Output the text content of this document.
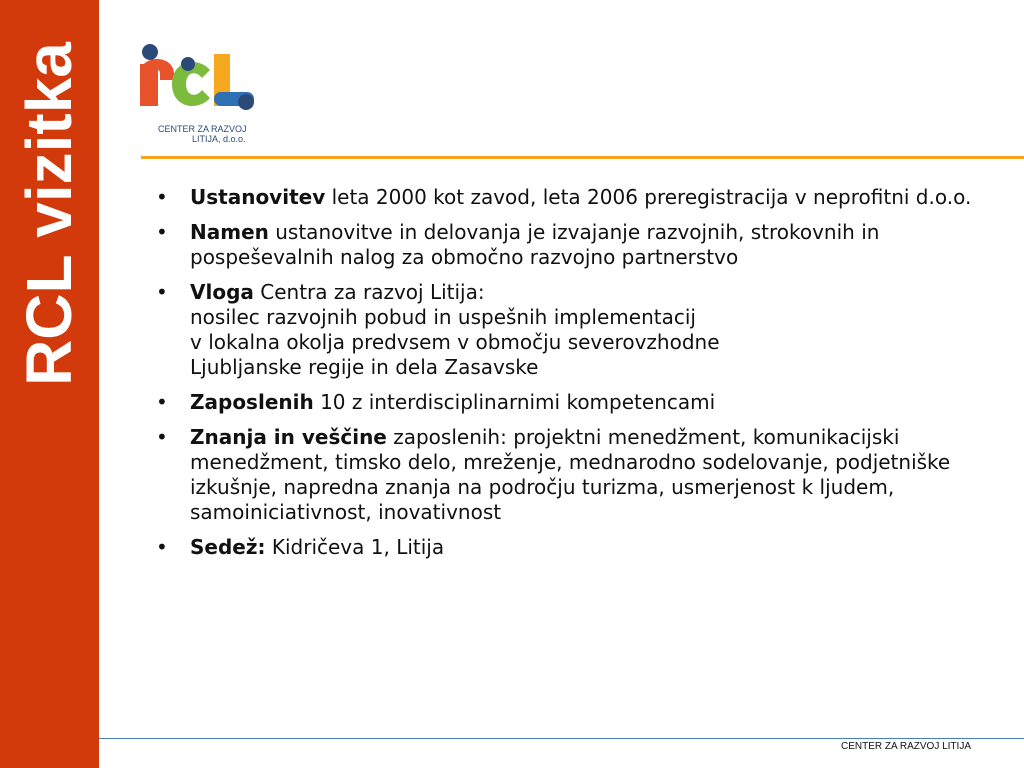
RCL vizitka	CENTER ZA RAZVOJ
LITIJA, d.o.o.
• Ustanovitev leta 2000 kot zavod, leta 2006 preregistracija v neprofitni d.o.o.
• Namen ustanovitve in delovanja je izvajanje razvojnih, strokovnih in pospeševalnih nalog za območno razvojno partnerstvo
• Vloga Centra za razvoj Litija:
nosilec razvojnih pobud in uspešnih implementacij
v lokalna okolja predvsem v območju severovzhodne Ljubljanske regije in dela Zasavske
• Zaposlenih 10 z interdisciplinarnimi kompetencami
• Znanja in veščine zaposlenih: projektni menedžment, komunikacijski menedžment, timsko delo, mreženje, mednarodno sodelovanje, podjetniške izkušnje, napredna znanja na področju turizma, usmerjenost k ljudem, samoiniciativnost, inovativnost
• Sedež: Kidričeva 1, Litija
CENTER ZA RAZVOJ LITIJA
